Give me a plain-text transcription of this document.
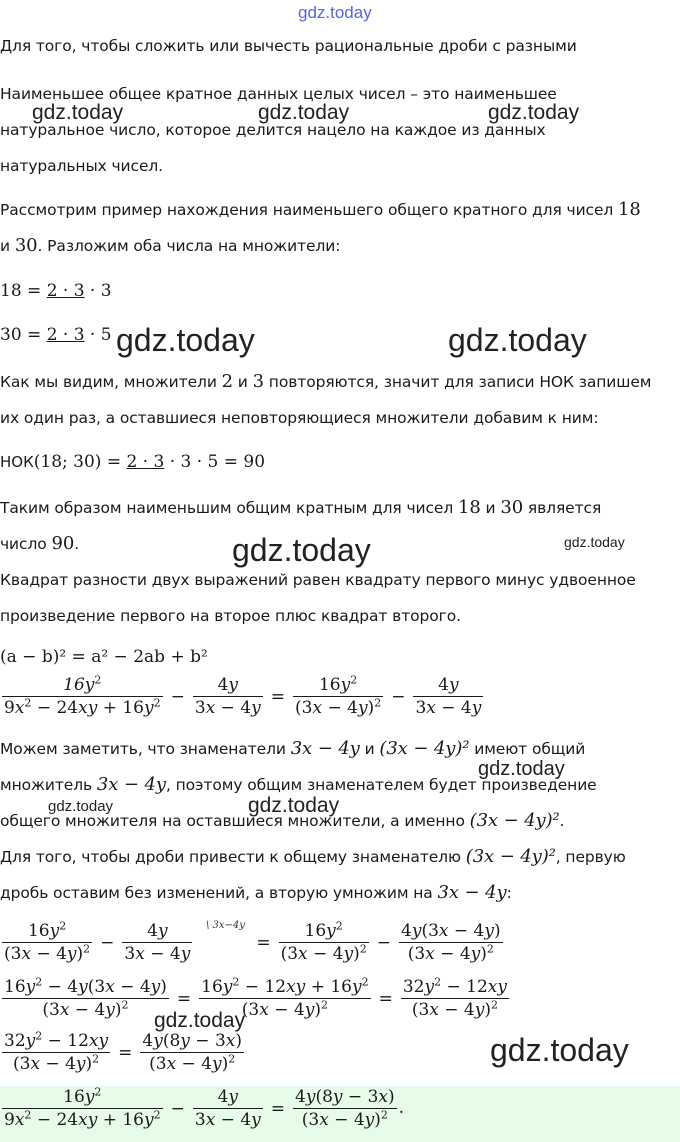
gdz.today
gdz.today	gdz.today	gdz.today
gdz.today	gdz.today
gdz.today	gdz.today
gdz.today
gdz.today	gdz.today
gdz.today
gdz.today
Для того, чтобы сложить или вычесть рациональные дроби с разными
Наименьшее общее кратное данных целых чисел – это наименьшее
натуральное число, которое делится нацело на каждое из данных
натуральных чисел.
Рассмотрим пример нахождения наименьшего общего кратного для чисел 18
и 30. Разложим оба числа на множители:
18 = 2 · 3 · 3
30 = 2 · 3 · 5
Как мы видим, множители 2 и 3 повторяются, значит для записи НОК запишем
их один раз, а оставшиеся неповторяющиеся множители добавим к ним:
НОК(18; 30) = 2 · 3 · 3 · 5 = 90
Таким образом наименьшим общим кратным для чисел 18 и 30 является
число 90.
Квадрат разности двух выражений равен квадрату первого минус удвоенное
произведение первого на второе плюс квадрат второго.
(a − b)² = a² − 2ab + b²
$\frac{16y^2}{9x^2 - 24xy + 16y^2} - \frac{4y}{3x - 4y} = \frac{16y^2}{(3x - 4y)^2} - \frac{4y}{3x - 4y}$
Можем заметить, что знаменатели 3x − 4y и (3x − 4y)² имеют общий
множитель 3x − 4y, поэтому общим знаменателем будет произведение
общего множителя на оставшиеся множители, а именно (3x − 4y)².
Для того, чтобы дроби привести к общему знаменателю (3x − 4y)², первую
дробь оставим без изменений, а вторую умножим на 3x − 4y:
\ 3x−4y
$\frac{16y^2}{(3x - 4y)^2} - \frac{4y}{3x - 4y}$	= $\frac{16y^2}{(3x - 4y)^2} - \frac{4y(3x - 4y)}{(3x - 4y)^2}$
$\frac{16y^2 - 4y(3x - 4y)}{(3x - 4y)^2} = \frac{16y^2 - 12xy + 16y^2}{(3x - 4y)^2} = \frac{32y^2 - 12xy}{(3x - 4y)^2}$
$\frac{32y^2 - 12xy}{(3x - 4y)^2} = \frac{4y(8y - 3x)}{(3x - 4y)^2}$
$\frac{16y^2}{9x^2 - 24xy + 16y^2} - \frac{4y}{3x - 4y} = \frac{4y(8y - 3x)}{(3x - 4y)^2}$ .
